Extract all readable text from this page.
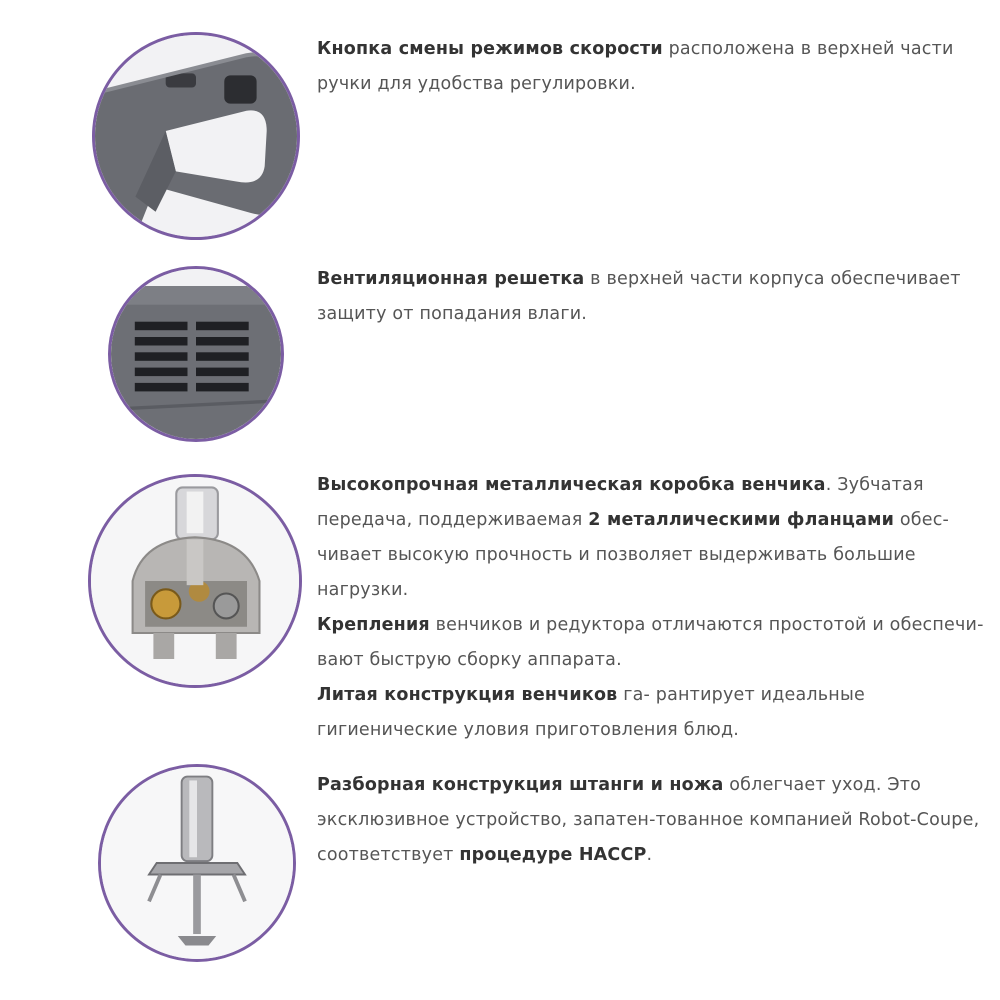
Кнопка смены режимов скорости расположена в верхней части ручки для удобства регулировки.

Вентиляционная решетка в верхней части корпуса обеспечивает защиту от попадания влаги.

Высокопрочная металлическая коробка венчика. Зубчатая передача, поддерживаемая 2 металлическими фланцами обес- чивает высокую прочность и позволяет выдерживать большие нагрузки.

Крепления венчиков и редуктора отличаются простотой и обеспечи-вают быструю сборку аппарата.

Литая конструкция венчиков га- рантирует идеальные гигиенические уловия приготовления блюд.

Разборная конструкция штанги и ножа облегчает уход. Это эксклюзивное устройство, запатен-тованное компанией Robot-Coupe, соответствует процедуре HACCP.
